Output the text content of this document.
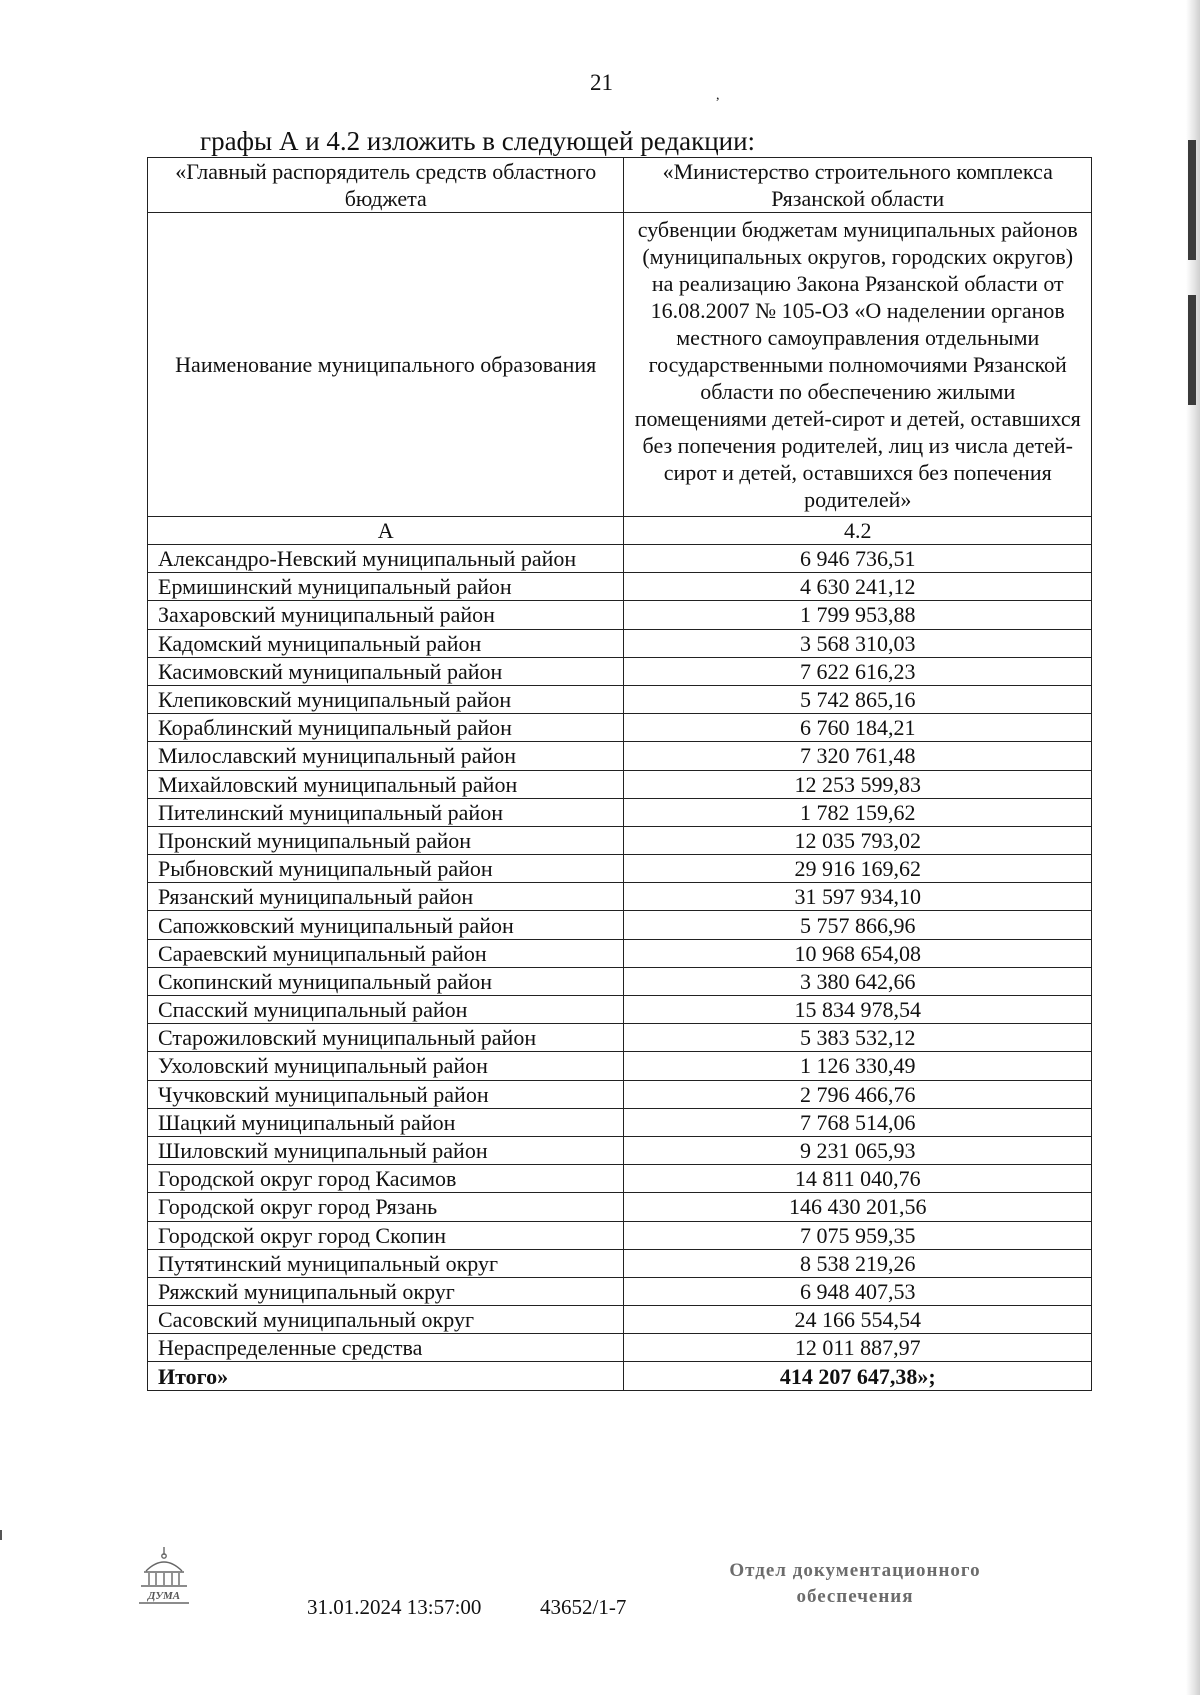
21
,
графы А и 4.2 изложить в следующей редакции:
«Главный распорядитель средств областного бюджета	«Министерство строительного комплекса Рязанской области
Наименование муниципального образования	субвенции бюджетам муниципальных районов (муниципальных округов, городских округов) на реализацию Закона Рязанской области от 16.08.2007 № 105-ОЗ «О наделении органов местного самоуправления отдельными государственными полномочиями Рязанской области по обеспечению жилыми помещениями детей-сирот и детей, оставшихся без попечения родителей, лиц из числа детей-сирот и детей, оставшихся без попечения родителей»
А	4.2
Александро-Невский муниципальный район	6 946 736,51
Ермишинский муниципальный район	4 630 241,12
Захаровский муниципальный район	1 799 953,88
Кадомский муниципальный район	3 568 310,03
Касимовский муниципальный район	7 622 616,23
Клепиковский муниципальный район	5 742 865,16
Кораблинский муниципальный район	6 760 184,21
Милославский муниципальный район	7 320 761,48
Михайловский муниципальный район	12 253 599,83
Пителинский муниципальный район	1 782 159,62
Пронский муниципальный район	12 035 793,02
Рыбновский муниципальный район	29 916 169,62
Рязанский муниципальный район	31 597 934,10
Сапожковский муниципальный район	5 757 866,96
Сараевский муниципальный район	10 968 654,08
Скопинский муниципальный район	3 380 642,66
Спасский муниципальный район	15 834 978,54
Старожиловский муниципальный район	5 383 532,12
Ухоловский муниципальный район	1 126 330,49
Чучковский муниципальный район	2 796 466,76
Шацкий муниципальный район	7 768 514,06
Шиловский муниципальный район	9 231 065,93
Городской округ город Касимов	14 811 040,76
Городской округ город Рязань	146 430 201,56
Городской округ город Скопин	7 075 959,35
Путятинский муниципальный округ	8 538 219,26
Ряжский муниципальный округ	6 948 407,53
Сасовский муниципальный округ	24 166 554,54
Нераспределенные средства	12 011 887,97
Итого»	414 207 647,38»;
ДУМА	31.01.2024 13:57:00	43652/1-7
Отдел документационного
обеспечения
